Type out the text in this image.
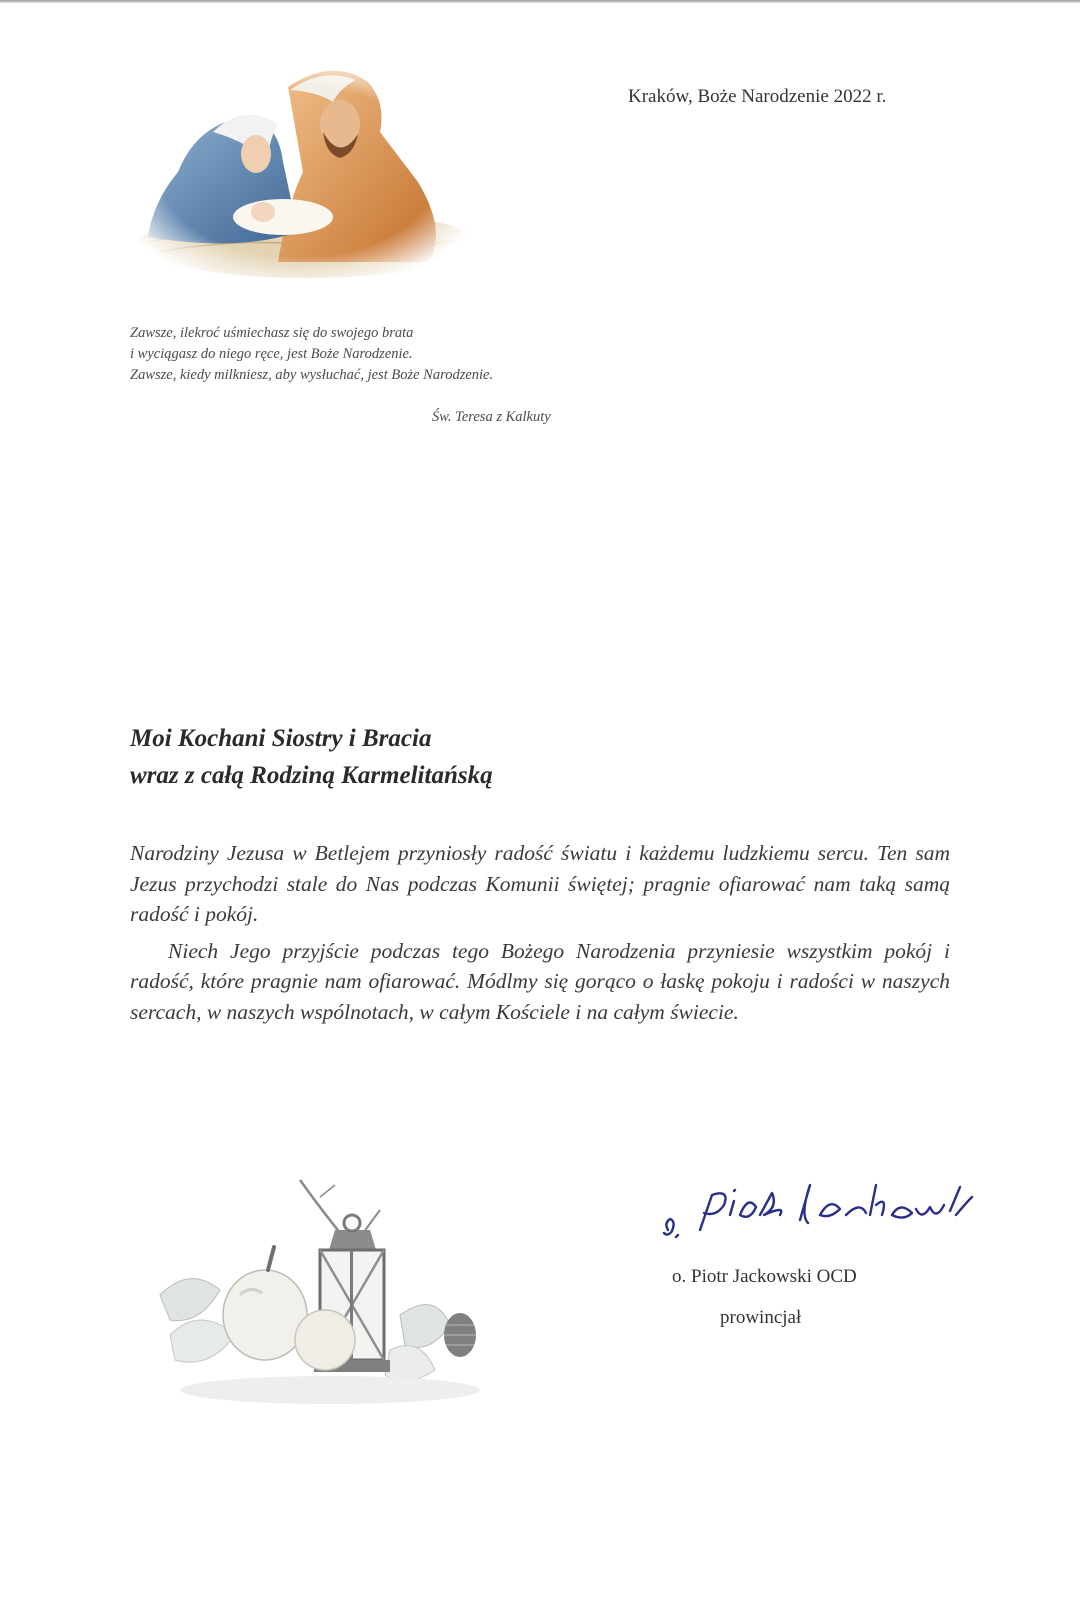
Kraków, Boże Narodzenie 2022 r.
Zawsze, ilekroć uśmiechasz się do swojego brata
i wyciągasz do niego ręce, jest Boże Narodzenie.
Zawsze, kiedy milkniesz, aby wysłuchać, jest Boże Narodzenie.
Św. Teresa z Kalkuty
Moi Kochani Siostry i Bracia
wraz z całą Rodziną Karmelitańską

Narodziny Jezusa w Betlejem przyniosły radość światu i każdemu ludzkiemu sercu. Ten sam Jezus przychodzi stale do Nas podczas Komunii świętej; pragnie ofiarować nam taką samą radość i pokój.

Niech Jego przyjście podczas tego Bożego Narodzenia przyniesie wszystkim pokój i radość, które pragnie nam ofiarować. Módlmy się gorąco o łaskę pokoju i radości w naszych sercach, w naszych wspólnotach, w całym Kościele i na całym świecie.

o. Piotr Jackowski OCD
prowincjał
